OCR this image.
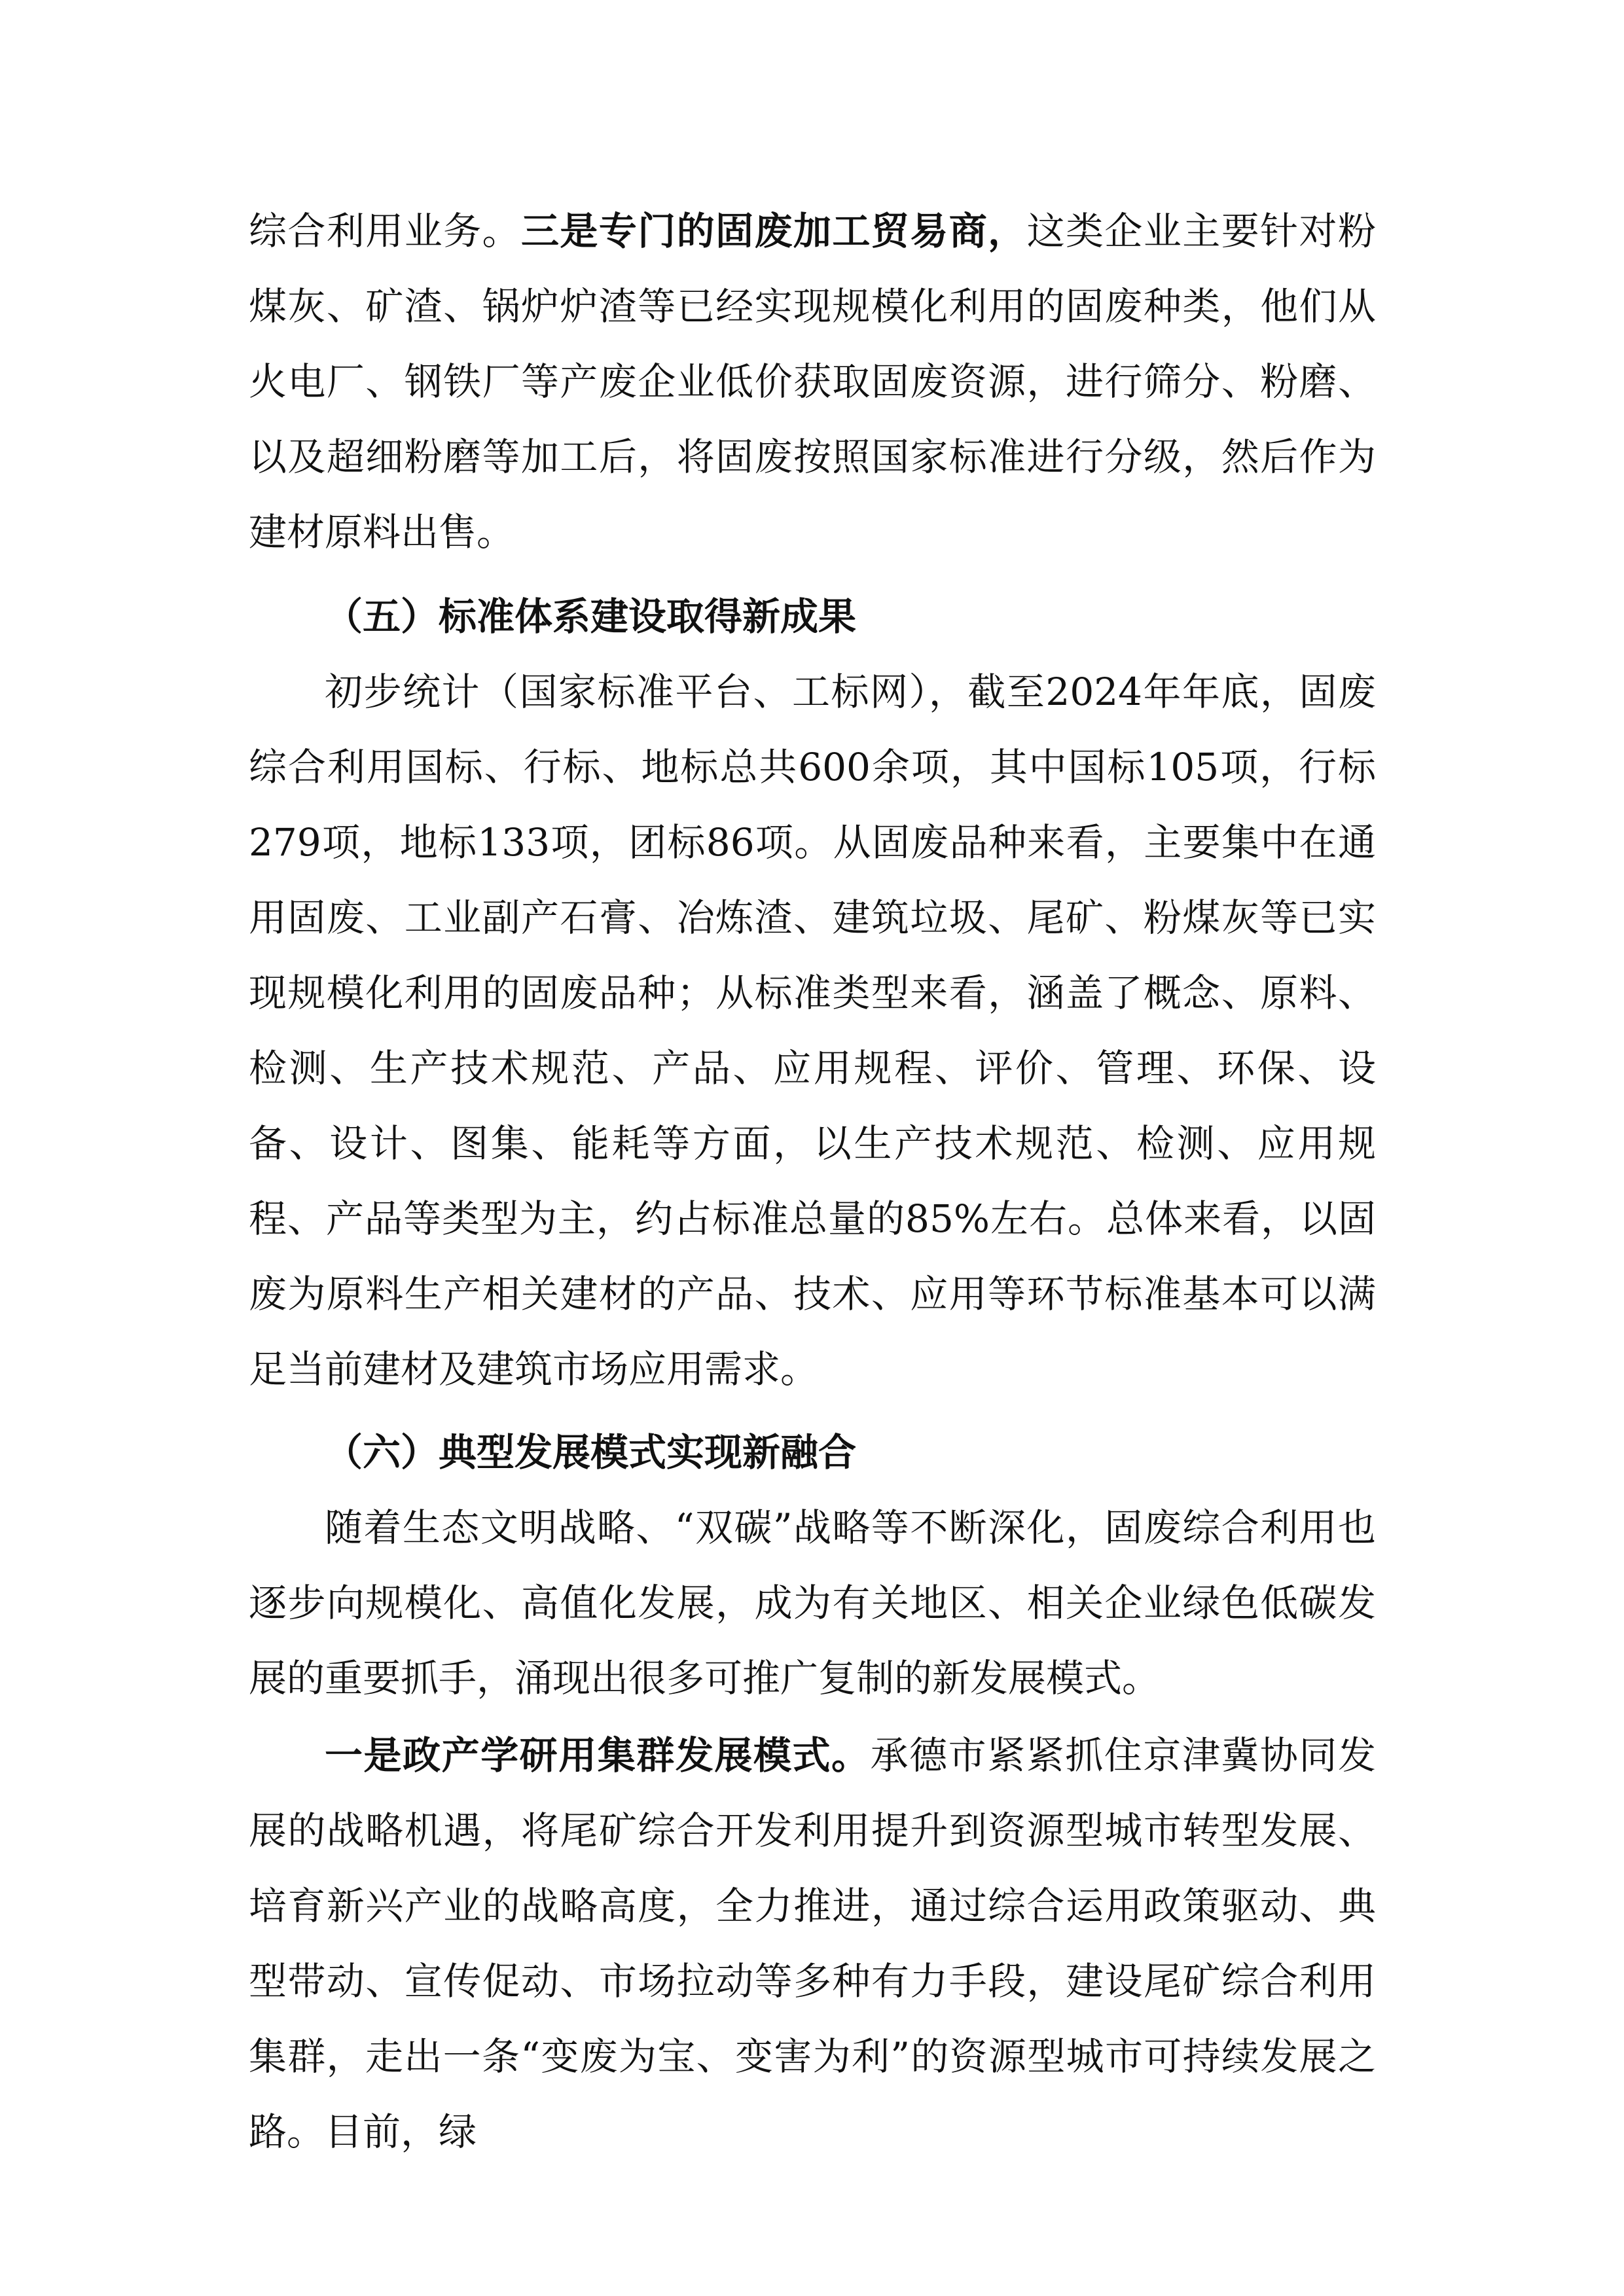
综合利用业务。三是专门的固废加工贸易商，这类企业主要针对粉煤灰、矿渣、锅炉炉渣等已经实现规模化利用的固废种类，他们从火电厂、钢铁厂等产废企业低价获取固废资源，进行筛分、粉磨、以及超细粉磨等加工后，将固废按照国家标准进行分级，然后作为建材原料出售。

（五）标准体系建设取得新成果

初步统计（国家标准平台、工标网），截至2024年年底，固废综合利用国标、行标、地标总共600余项，其中国标105项，行标279项，地标133项，团标86项。从固废品种来看，主要集中在通用固废、工业副产石膏、冶炼渣、建筑垃圾、尾矿、粉煤灰等已实现规模化利用的固废品种；从标准类型来看，涵盖了概念、原料、检测、生产技术规范、产品、应用规程、评价、管理、环保、设备、设计、图集、能耗等方面，以生产技术规范、检测、应用规程、产品等类型为主，约占标准总量的85%左右。总体来看，以固废为原料生产相关建材的产品、技术、应用等环节标准基本可以满足当前建材及建筑市场应用需求。

（六）典型发展模式实现新融合

随着生态文明战略、“双碳”战略等不断深化，固废综合利用也逐步向规模化、高值化发展，成为有关地区、相关企业绿色低碳发展的重要抓手，涌现出很多可推广复制的新发展模式。

一是政产学研用集群发展模式。承德市紧紧抓住京津冀协同发展的战略机遇，将尾矿综合开发利用提升到资源型城市转型发展、培育新兴产业的战略高度，全力推进，通过综合运用政策驱动、典型带动、宣传促动、市场拉动等多种有力手段，建设尾矿综合利用集群，走出一条“变废为宝、变害为利”的资源型城市可持续发展之路。目前，绿
